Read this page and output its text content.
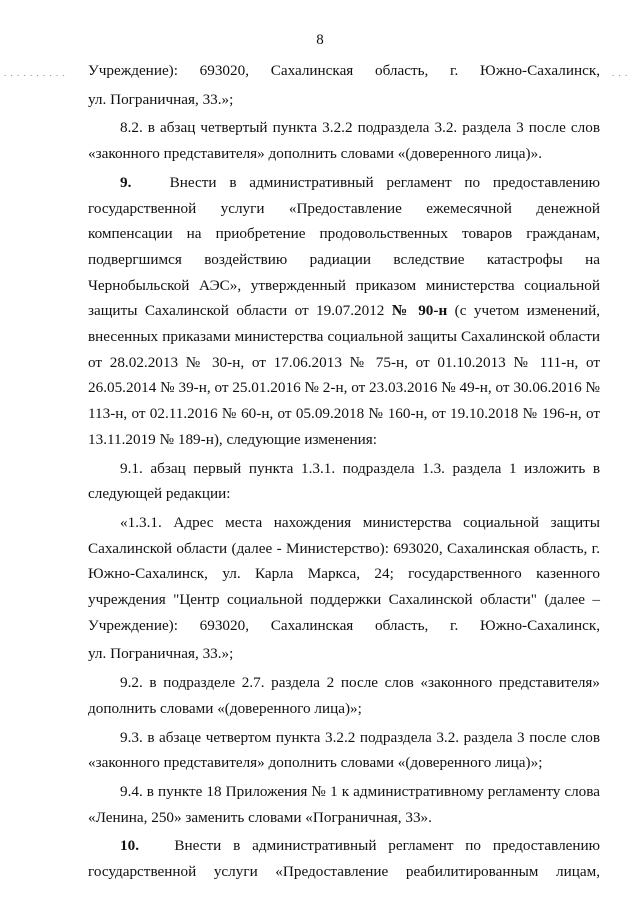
8
. . . . . . . . . .	. . .

Учреждение): 693020, Сахалинская область, г. Южно-Сахалинск,

ул. Пограничная, 33.»;

8.2. в абзац четвертый пункта 3.2.2 подраздела 3.2. раздела 3 после слов «законного представителя» дополнить словами «(доверенного лица)».

9.	Внести в административный регламент по предоставлению государственной услуги «Предоставление ежемесячной денежной компенсации на приобретение продовольственных товаров гражданам, подвергшимся воздействию радиации вследствие катастрофы на Чернобыльской АЭС», утвержденный приказом министерства социальной защиты Сахалинской области от 19.07.2012 № 90-н (с учетом изменений, внесенных приказами министерства социальной защиты Сахалинской области от 28.02.2013 № 30-н, от 17.06.2013 № 75-н, от 01.10.2013 № 111-н, от 26.05.2014 № 39-н, от 25.01.2016 № 2-н, от 23.03.2016 № 49-н, от 30.06.2016 № 113-н, от 02.11.2016 № 60-н, от 05.09.2018 № 160-н, от 19.10.2018 № 196-н, от 13.11.2019 № 189-н), следующие изменения:

9.1. абзац первый пункта 1.3.1. подраздела 1.3. раздела 1 изложить в следующей редакции:

«1.3.1. Адрес места нахождения министерства социальной защиты Сахалинской области (далее - Министерство): 693020, Сахалинская область, г. Южно-Сахалинск, ул. Карла Маркса, 24; государственного казенного учреждения "Центр социальной поддержки Сахалинской области" (далее – Учреждение): 693020, Сахалинская область, г. Южно-Сахалинск,

ул. Пограничная, 33.»;

9.2. в подразделе 2.7. раздела 2 после слов «законного представителя» дополнить словами «(доверенного лица)»;

9.3. в абзаце четвертом пункта 3.2.2 подраздела 3.2. раздела 3 после слов «законного представителя» дополнить словами «(доверенного лица)»;

9.4. в пункте 18 Приложения № 1 к административному регламенту слова «Ленина, 250» заменить словами «Пограничная, 33».

10. Внести в административный регламент по предоставлению государственной услуги «Предоставление реабилитированным лицам,
